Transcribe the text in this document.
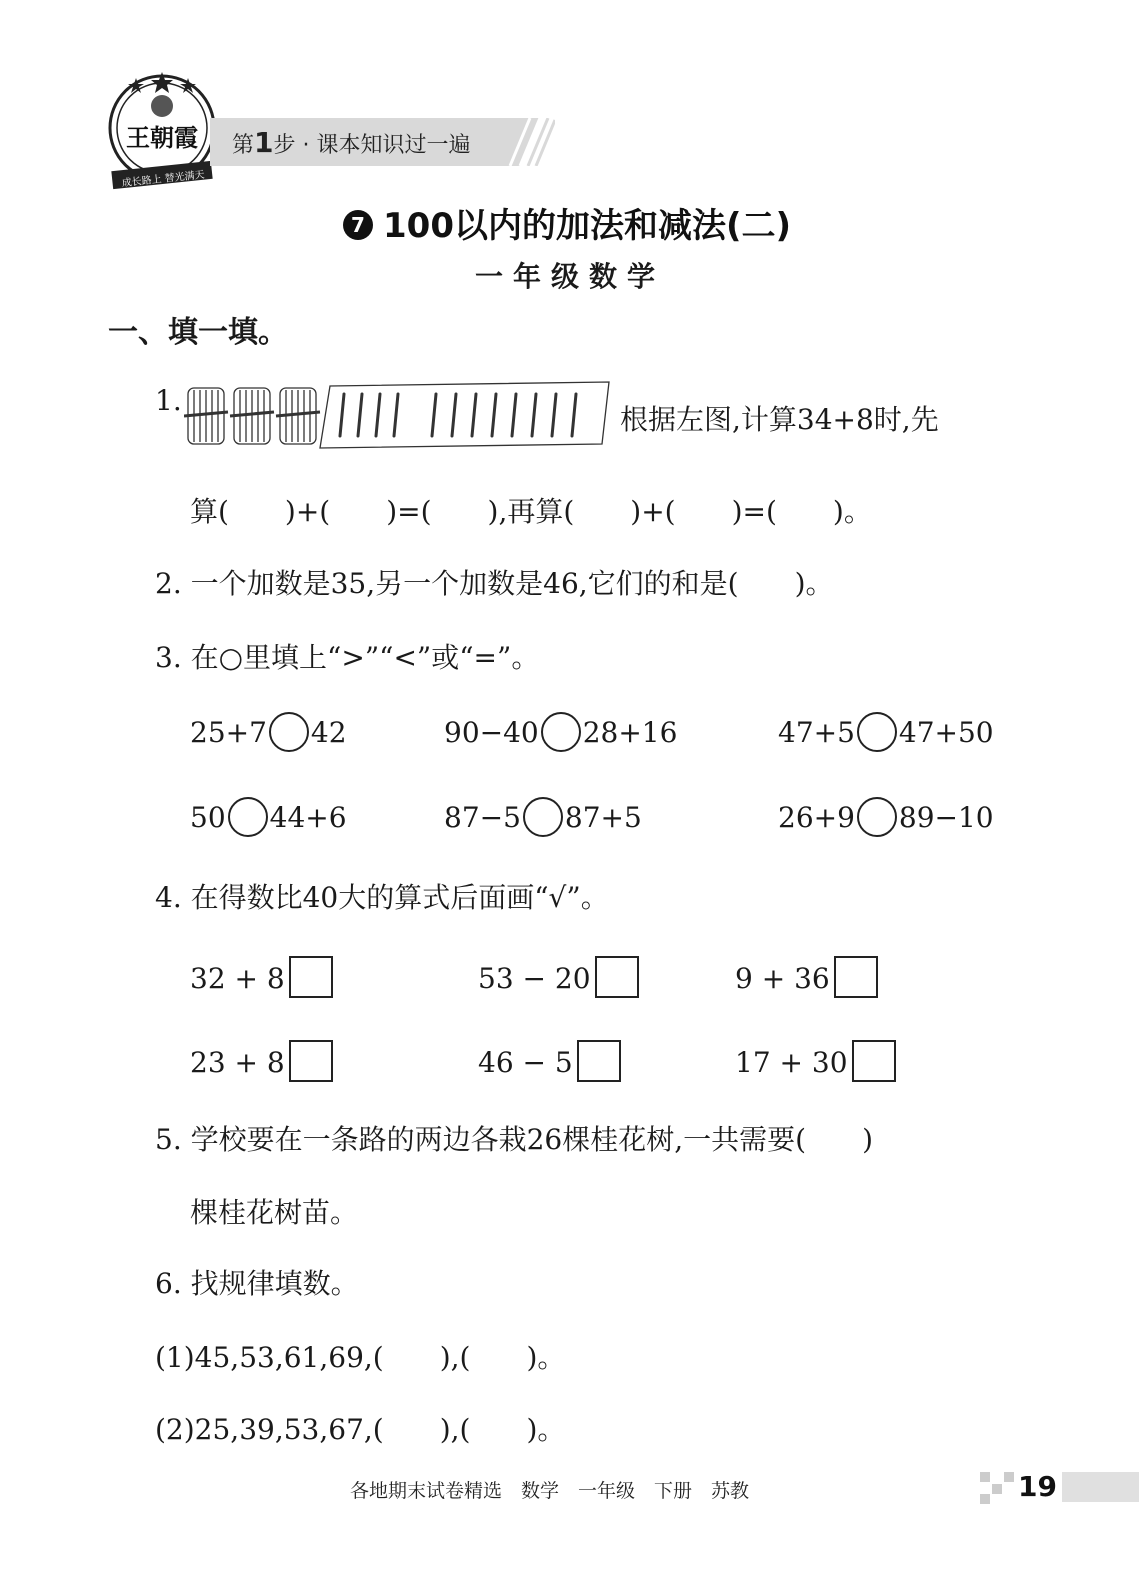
王朝霞
成长路上 替光满天
第1步 · 课本知识过一遍
7 100以内的加法和减法(二)
一年级数学
一、填一填。
1.
根据左图,计算34+8时,先
算(　　)+(　　)=(　　),再算(　　)+(　　)=(　　)。
2. 一个加数是35,另一个加数是46,它们的和是(　　)。
3. 在○里填上“>”“<”或“=”。
25+7 42	90−40 28+16	47+5 47+50
50 44+6	87−5 87+5	26+9 89−10
4. 在得数比40大的算式后面画“√”。
32 + 8	53 − 20	9 + 36
23 + 8	46 − 5	17 + 30
5. 学校要在一条路的两边各栽26棵桂花树,一共需要(　　)
棵桂花树苗。
6. 找规律填数。
(1)45,53,61,69,(　　),(　　)。
(2)25,39,53,67,(　　),(　　)。
各地期末试卷精选　数学　一年级　下册　苏教	19
